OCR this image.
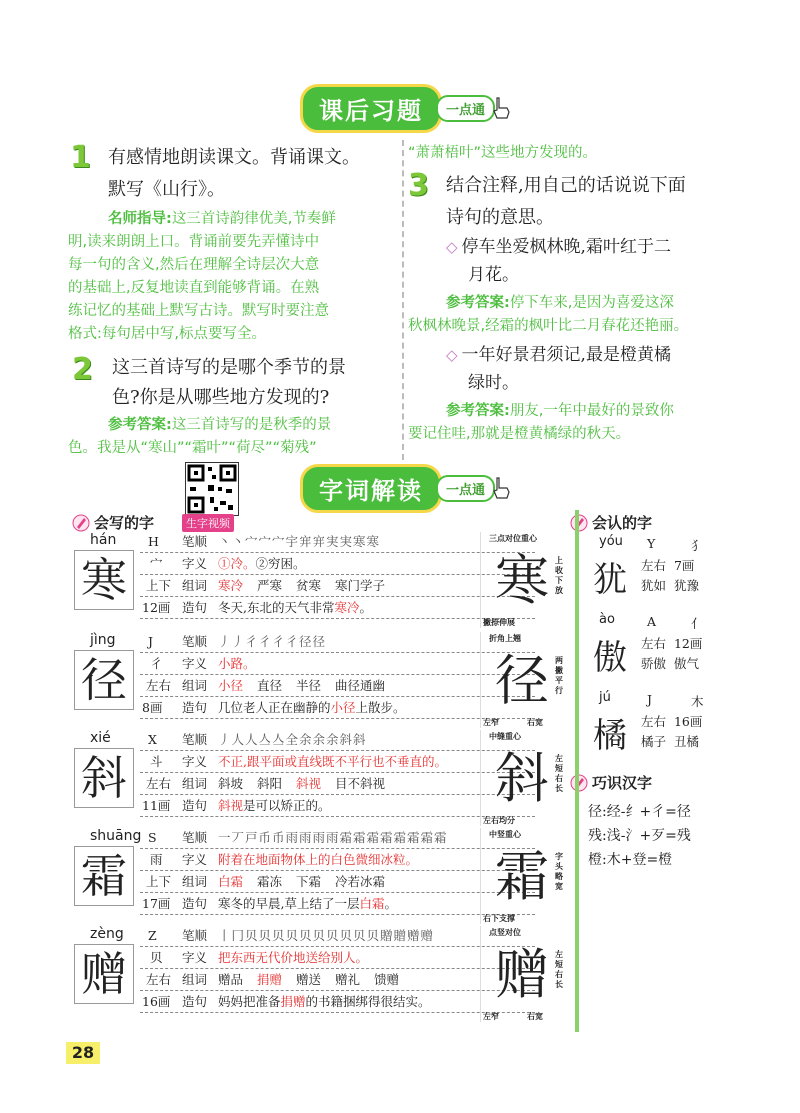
课后习题	一点通
1 有感情地朗读课文。背诵课文。
默写《山行》。
名师指导:这三首诗韵律优美,节奏鲜
明,读来朗朗上口。背诵前要先弄懂诗中
每一句的含义,然后在理解全诗层次大意
的基础上,反复地读直到能够背诵。在熟
练记忆的基础上默写古诗。默写时要注意
格式:每句居中写,标点要写全。
2	这三首诗写的是哪个季节的景
色?你是从哪些地方发现的?
参考答案:这三首诗写的是秋季的景
色。我是从“寒山”“霜叶”“荷尽”“菊残”
“萧萧梧叶”这些地方发现的。
3 结合注释,用自己的话说说下面
诗句的意思。
◇ 停车坐爱枫林晚,霜叶红于二
月花。
参考答案:停下车来,是因为喜爱这深
秋枫林晚景,经霜的枫叶比二月春花还艳丽。
◇ 一年好景君须记,最是橙黄橘
绿时。
参考答案:朋友,一年中最好的景致你
要记住哇,那就是橙黄橘绿的秋天。
生字视频
字词解读	一点通
会写的字	会认的字
巧识汉字
hán
寒
H 笔顺 丶丶宀宀宀宇宑宑実実寒寒
宀 字义 ①冷。②穷困。
上下 组词 寒冷 严寒 贫寒 寒门学子
12画 造句 冬天,东北的天气非常寒冷。 寒
三点对位重心
上收下放
撇捺伸展
jìng
径
J 笔顺 丿丿彳彳彳彳径径
彳 字义 小路。
左右 组词 小径 直径 半径 曲径通幽
8画 造句 几位老人正在幽静的小径上散步。 径
折角上翘
两撇平行
左窄	右宽
xié
斜
X 笔顺 丿人人亼亼全余余余斜斜
斗 字义 不正,跟平面或直线既不平行也不垂直的。
左右 组词 斜坡 斜阳 斜视 目不斜视
11画 造句 斜视是可以矫正的。	斜
中缝重心
左短右长
左右均分
shuāng
霜
S 笔顺 一丆戸币币雨雨雨雨霜霜霜霜霜霜霜霜
雨 字义 附着在地面物体上的白色微细冰粒。
上下 组词 白霜 霜冻 下霜 冷若冰霜
17画 造句 寒冬的早晨,草上结了一层白霜。 霜
中竖重心
字头略宽
右下支撑
zèng
赠
Z 笔顺 丨冂贝贝贝贝贝贝贝贝贝贝贈贈赠赠
贝 字义 把东西无代价地送给别人。
左右 组词 赠品 捐赠 赠送 赠礼 馈赠
16画 造句 妈妈把准备捐赠的书籍捆绑得很结实。 赠
点竖对位
左短右长
左窄	右宽
yóu
犹
Y	犭
左右 7画
犹如 犹豫
ào
傲
A	亻
左右 12画
骄傲 傲气
jú
橘
J	木
左右 16画
橘子 丑橘
径:经-纟+彳=径
残:浅-氵+歹=残
橙:木+登=橙
28
